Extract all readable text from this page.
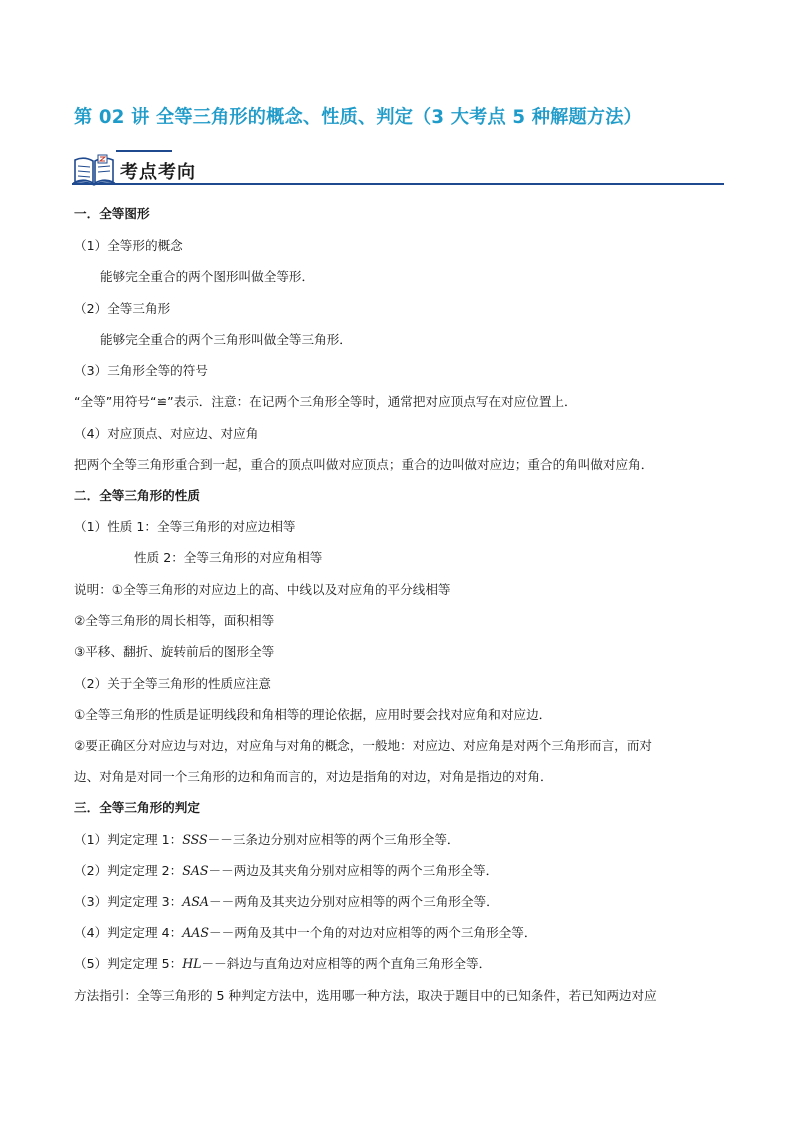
第 02 讲 全等三角形的概念、性质、判定（3 大考点 5 种解题方法）
考点考向
一．全等图形
（1）全等形的概念
能够完全重合的两个图形叫做全等形．
（2）全等三角形
能够完全重合的两个三角形叫做全等三角形．
（3）三角形全等的符号
“全等”用符号“≌”表示．注意：在记两个三角形全等时，通常把对应顶点写在对应位置上．
（4）对应顶点、对应边、对应角
把两个全等三角形重合到一起，重合的顶点叫做对应顶点；重合的边叫做对应边；重合的角叫做对应角．
二．全等三角形的性质
（1）性质 1：全等三角形的对应边相等
性质 2：全等三角形的对应角相等
说明：①全等三角形的对应边上的高、中线以及对应角的平分线相等
②全等三角形的周长相等，面积相等
③平移、翻折、旋转前后的图形全等
（2）关于全等三角形的性质应注意
①全等三角形的性质是证明线段和角相等的理论依据，应用时要会找对应角和对应边．
②要正确区分对应边与对边，对应角与对角的概念，一般地：对应边、对应角是对两个三角形而言，而对
边、对角是对同一个三角形的边和角而言的，对边是指角的对边，对角是指边的对角．
三．全等三角形的判定
（1）判定定理 1：SSS－－三条边分别对应相等的两个三角形全等．
（2）判定定理 2：SAS－－两边及其夹角分别对应相等的两个三角形全等．
（3）判定定理 3：ASA－－两角及其夹边分别对应相等的两个三角形全等．
（4）判定定理 4：AAS－－两角及其中一个角的对边对应相等的两个三角形全等．
（5）判定定理 5：HL－－斜边与直角边对应相等的两个直角三角形全等．
方法指引：全等三角形的 5 种判定方法中，选用哪一种方法，取决于题目中的已知条件，若已知两边对应
